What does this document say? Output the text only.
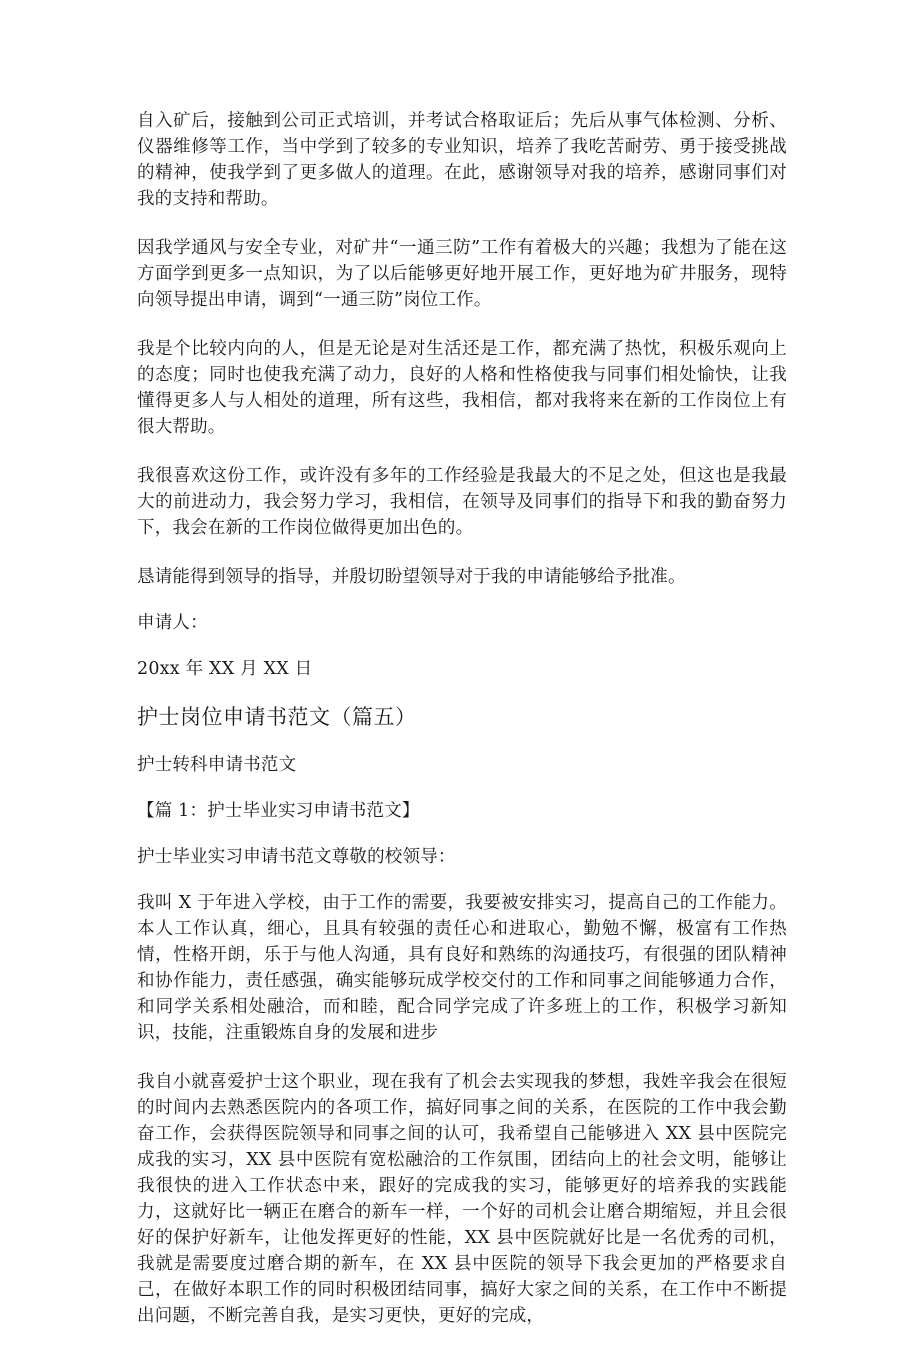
自入矿后，接触到公司正式培训，并考试合格取证后；先后从事气体检测、分析、仪器维修等工作，当中学到了较多的专业知识，培养了我吃苦耐劳、勇于接受挑战的精神，使我学到了更多做人的道理。在此，感谢领导对我的培养，感谢同事们对我的支持和帮助。

因我学通风与安全专业，对矿井“一通三防”工作有着极大的兴趣；我想为了能在这方面学到更多一点知识，为了以后能够更好地开展工作，更好地为矿井服务，现特向领导提出申请，调到“一通三防”岗位工作。

我是个比较内向的人，但是无论是对生活还是工作，都充满了热忱，积极乐观向上的态度；同时也使我充满了动力，良好的人格和性格使我与同事们相处愉快，让我懂得更多人与人相处的道理，所有这些，我相信，都对我将来在新的工作岗位上有很大帮助。

我很喜欢这份工作，或许没有多年的工作经验是我最大的不足之处，但这也是我最大的前进动力，我会努力学习，我相信，在领导及同事们的指导下和我的勤奋努力下，我会在新的工作岗位做得更加出色的。

恳请能得到领导的指导，并殷切盼望领导对于我的申请能够给予批准。

申请人：

20xx 年 XX 月 XX 日

护士岗位申请书范文（篇五）

护士转科申请书范文

【篇 1：护士毕业实习申请书范文】

护士毕业实习申请书范文尊敬的校领导：

我叫 X 于年进入学校，由于工作的需要，我要被安排实习，提高自己的工作能力。本人工作认真，细心，且具有较强的责任心和进取心，勤勉不懈，极富有工作热情，性格开朗，乐于与他人沟通，具有良好和熟练的沟通技巧，有很强的团队精神和协作能力，责任感强，确实能够玩成学校交付的工作和同事之间能够通力合作，和同学关系相处融洽，而和睦，配合同学完成了许多班上的工作，积极学习新知识，技能，注重锻炼自身的发展和进步

我自小就喜爱护士这个职业，现在我有了机会去实现我的梦想，我姓辛我会在很短的时间内去熟悉医院内的各项工作，搞好同事之间的关系，在医院的工作中我会勤奋工作，会获得医院领导和同事之间的认可，我希望自己能够进入 XX 县中医院完成我的实习，XX 县中医院有宽松融洽的工作氛围，团结向上的社会文明，能够让我很快的进入工作状态中来，跟好的完成我的实习，能够更好的培养我的实践能力，这就好比一辆正在磨合的新车一样，一个好的司机会让磨合期缩短，并且会很好的保护好新车，让他发挥更好的性能，XX 县中医院就好比是一名优秀的司机，我就是需要度过磨合期的新车，在 XX 县中医院的领导下我会更加的严格要求自己，在做好本职工作的同时积极团结同事，搞好大家之间的关系，在工作中不断提出问题，不断完善自我，是实习更快，更好的完成，
